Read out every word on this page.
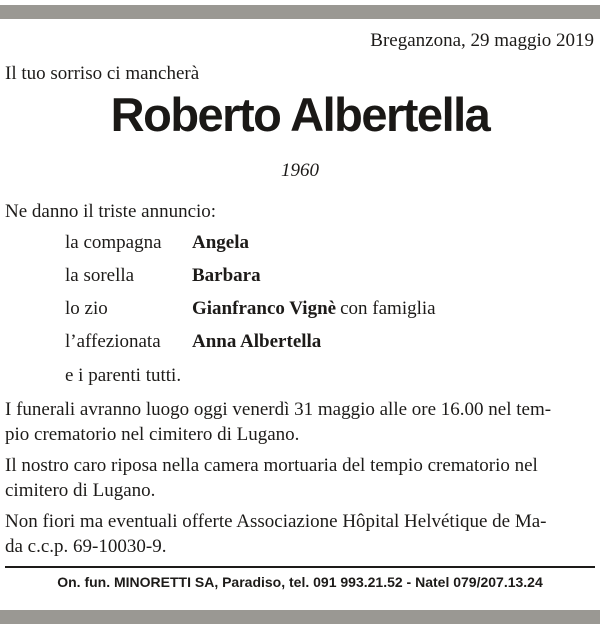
Breganzona, 29 maggio 2019
Il tuo sorriso ci mancherà
Roberto Albertella
1960
Ne danno il triste annuncio:
la compagna Angela
la sorella	Barbara
lo zio	Gianfranco Vignè con famiglia
l’affezionata Anna Albertella
e i parenti tutti.
I funerali avranno luogo oggi venerdì 31 maggio alle ore 16.00 nel tem-
pio crematorio nel cimitero di Lugano.
Il nostro caro riposa nella camera mortuaria del tempio crematorio nel
cimitero di Lugano.
Non fiori ma eventuali offerte Associazione Hôpital Helvétique de Ma-
da c.c.p. 69-10030-9.
On. fun. MINORETTI SA, Paradiso, tel. 091 993.21.52 - Natel 079/207.13.24
